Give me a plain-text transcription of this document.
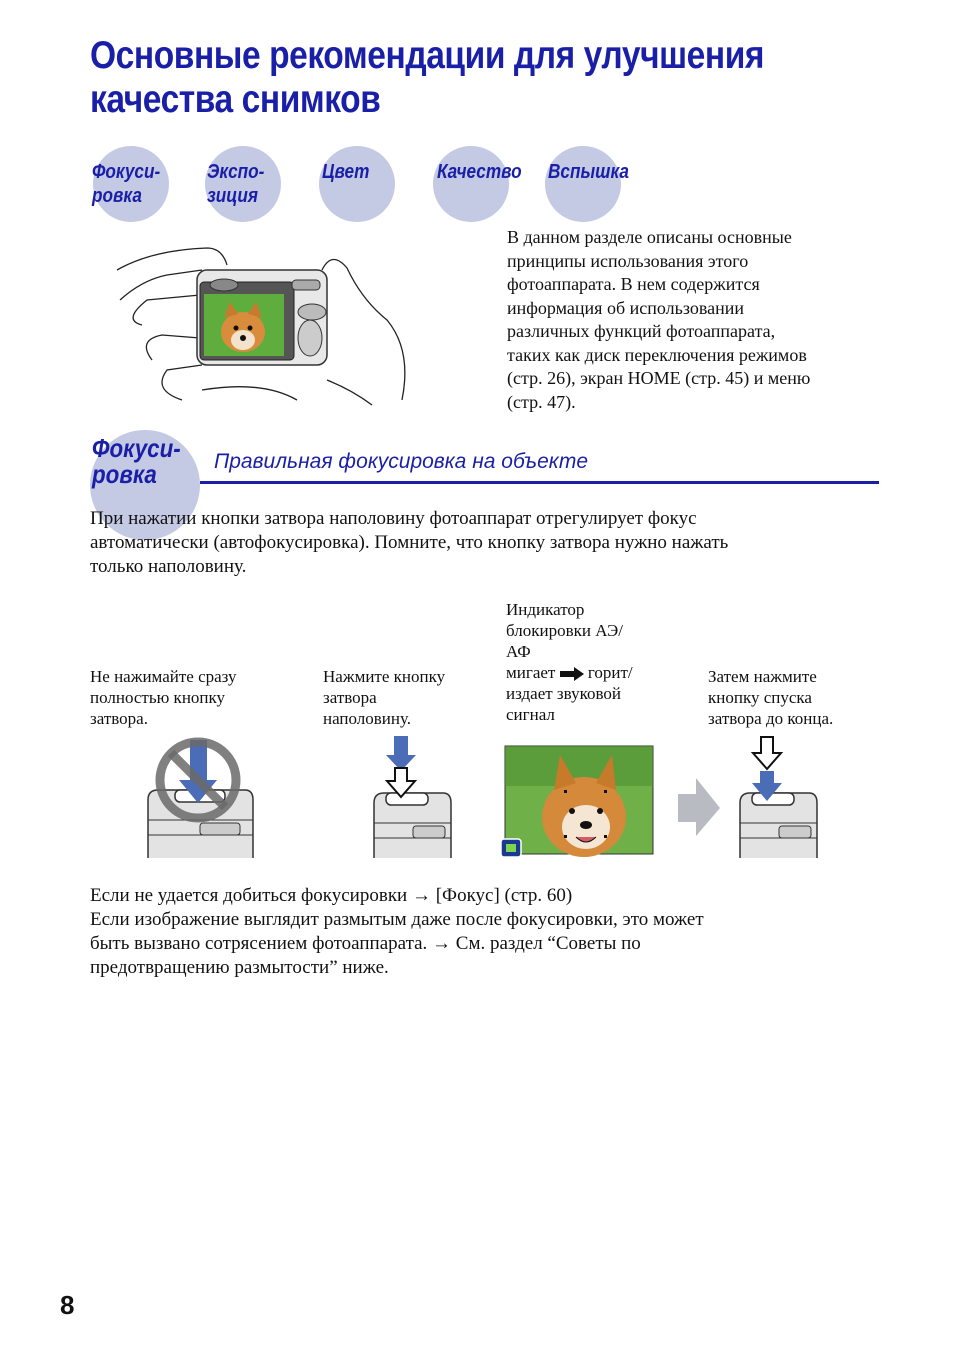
Основные рекомендации для улучшения
качества снимков
Фокуси-
ровка
Экспо-
зиция
Цвет	Качество Вспышка
В данном разделе описаны основные
принципы использования этого
фотоаппарата. В нем содержится
информация об использовании
различных функций фотоаппарата,
таких как диск переключения режимов
(стр. 26), экран HOME (стр. 45) и меню
(стр. 47).
Фокуси-
ровка	Правильная фокусировка на объекте
При нажатии кнопки затвора наполовину фотоаппарат отрегулирует фокус
автоматически (автофокусировка). Помните, что кнопку затвора нужно нажать
только наполовину.
Не нажимайте сразу
полностью кнопку
затвора.
Нажмите кнопку
затвора
наполовину.
Индикатор
блокировки АЭ/
АФ
мигает горит/
издает звуковой
сигнал
Затем нажмите
кнопку спуска
затвора до конца.
Если не удается добиться фокусировки → [Фокус] (стр. 60)
Если изображение выглядит размытым даже после фокусировки, это может
быть вызвано сотрясением фотоаппарата. → См. раздел “Советы по
предотвращению размытости” ниже.
8
